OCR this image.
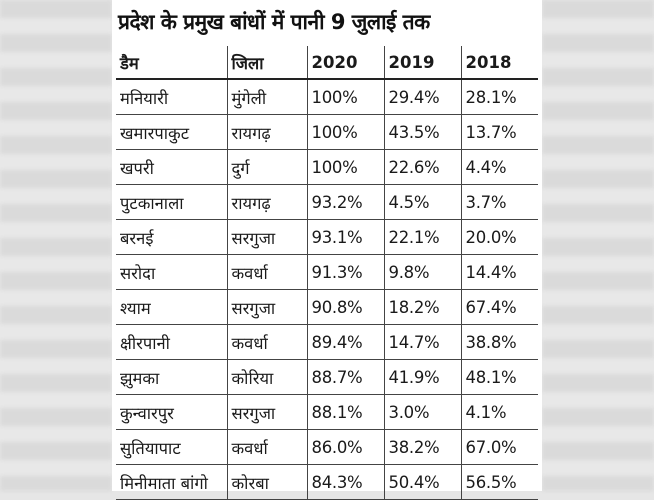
प्रदेश के प्रमुख बांधों में पानी 9 जुलाई तक
डैम	जिला	2020	2019	2018
मनियारी	मुंगेली	100%	29.4%	28.1%
खमारपाकुट	रायगढ़	100%	43.5%	13.7%
खपरी	दुर्ग	100%	22.6%	4.4%
पुटकानाला	रायगढ़	93.2%	4.5%	3.7%
बरनई	सरगुजा	93.1%	22.1%	20.0%
सरोदा	कवर्धा	91.3%	9.8%	14.4%
श्याम	सरगुजा	90.8%	18.2%	67.4%
क्षीरपानी	कवर्धा	89.4%	14.7%	38.8%
झुमका	कोरिया	88.7%	41.9%	48.1%
कुन्वारपुर	सरगुजा	88.1%	3.0%	4.1%
सुतियापाट	कवर्धा	86.0%	38.2%	67.0%
मिनीमाता बांगो	कोरबा	84.3%	50.4%	56.5%
